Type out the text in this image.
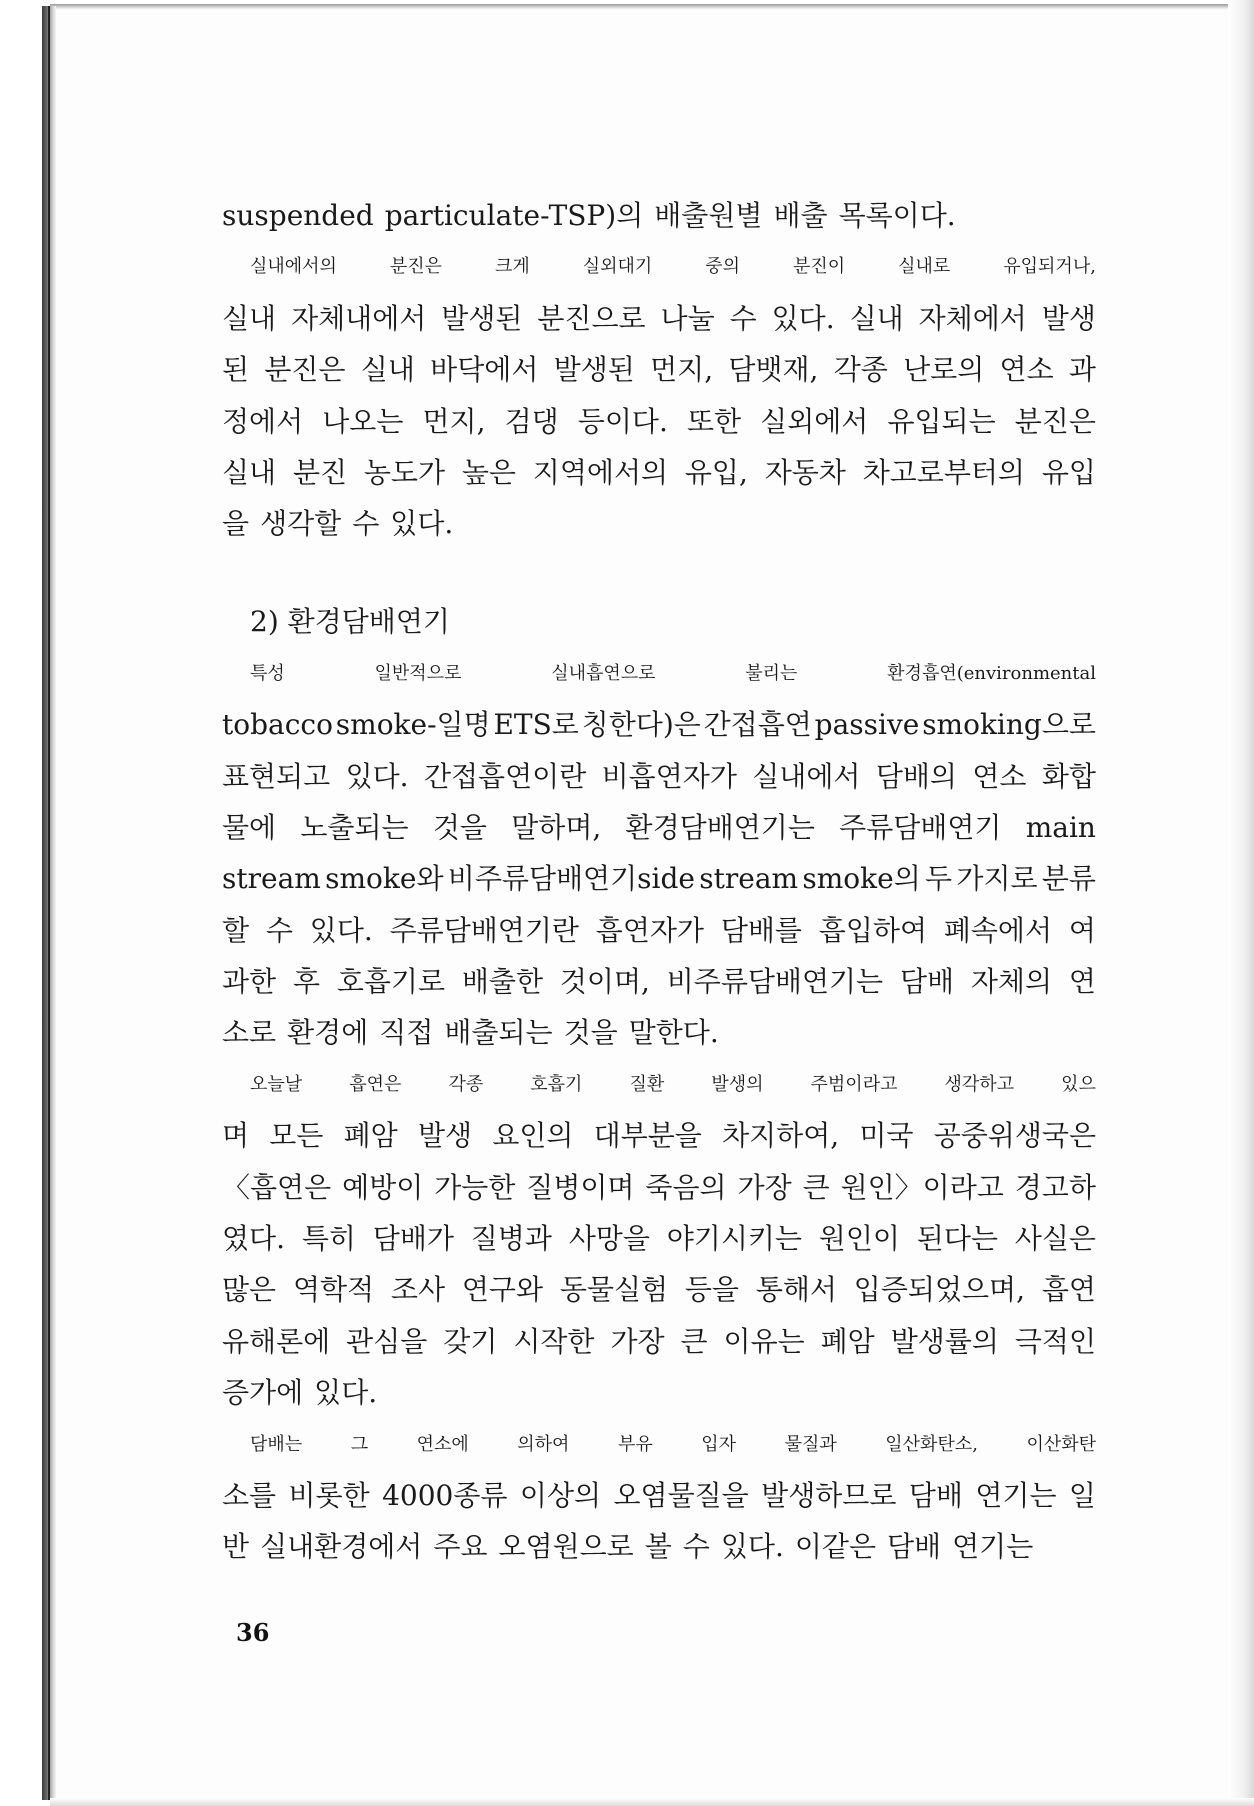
suspended particulate-TSP)의 배출원별 배출 목록이다.
실내에서의	분진은	크게	실외대기	중의	분진이	실내로	유입되거나,
실내 자체내에서 발생된 분진으로 나눌 수 있다. 실내 자체에서 발생
된 분진은 실내 바닥에서 발생된 먼지, 담뱃재, 각종 난로의 연소 과
정에서 나오는 먼지, 검댕 등이다. 또한 실외에서 유입되는 분진은
실내 분진 농도가 높은 지역에서의 유입, 자동차 차고로부터의 유입
을 생각할 수 있다.
2) 환경담배연기
특성	일반적으로	실내흡연으로	불리는	환경흡연(environmental
tobacco smoke-일명 ETS로 칭한다)은 간접흡연 passive smoking으로
표현되고 있다. 간접흡연이란 비흡연자가 실내에서 담배의 연소 화합
물에 노출되는 것을 말하며, 환경담배연기는 주류담배연기 main
stream smoke와 비주류담배연기side stream smoke의 두 가지로 분류
할 수 있다. 주류담배연기란 흡연자가 담배를 흡입하여 폐속에서 여
과한 후 호흡기로 배출한 것이며, 비주류담배연기는 담배 자체의 연
소로 환경에 직접 배출되는 것을 말한다.
오늘날	흡연은	각종	호흡기	질환	발생의	주범이라고	생각하고	있으
며 모든 폐암 발생 요인의 대부분을 차지하여, 미국 공중위생국은
〈흡연은 예방이 가능한 질병이며 죽음의 가장 큰 원인〉이라고 경고하
였다. 특히 담배가 질병과 사망을 야기시키는 원인이 된다는 사실은
많은 역학적 조사 연구와 동물실험 등을 통해서 입증되었으며, 흡연
유해론에 관심을 갖기 시작한 가장 큰 이유는 폐암 발생률의 극적인
증가에 있다.
담배는	그	연소에	의하여	부유	입자	물질과	일산화탄소,	이산화탄
소를 비롯한 4000종류 이상의 오염물질을 발생하므로 담배 연기는 일
반 실내환경에서 주요 오염원으로 볼 수 있다. 이같은 담배 연기는
36
